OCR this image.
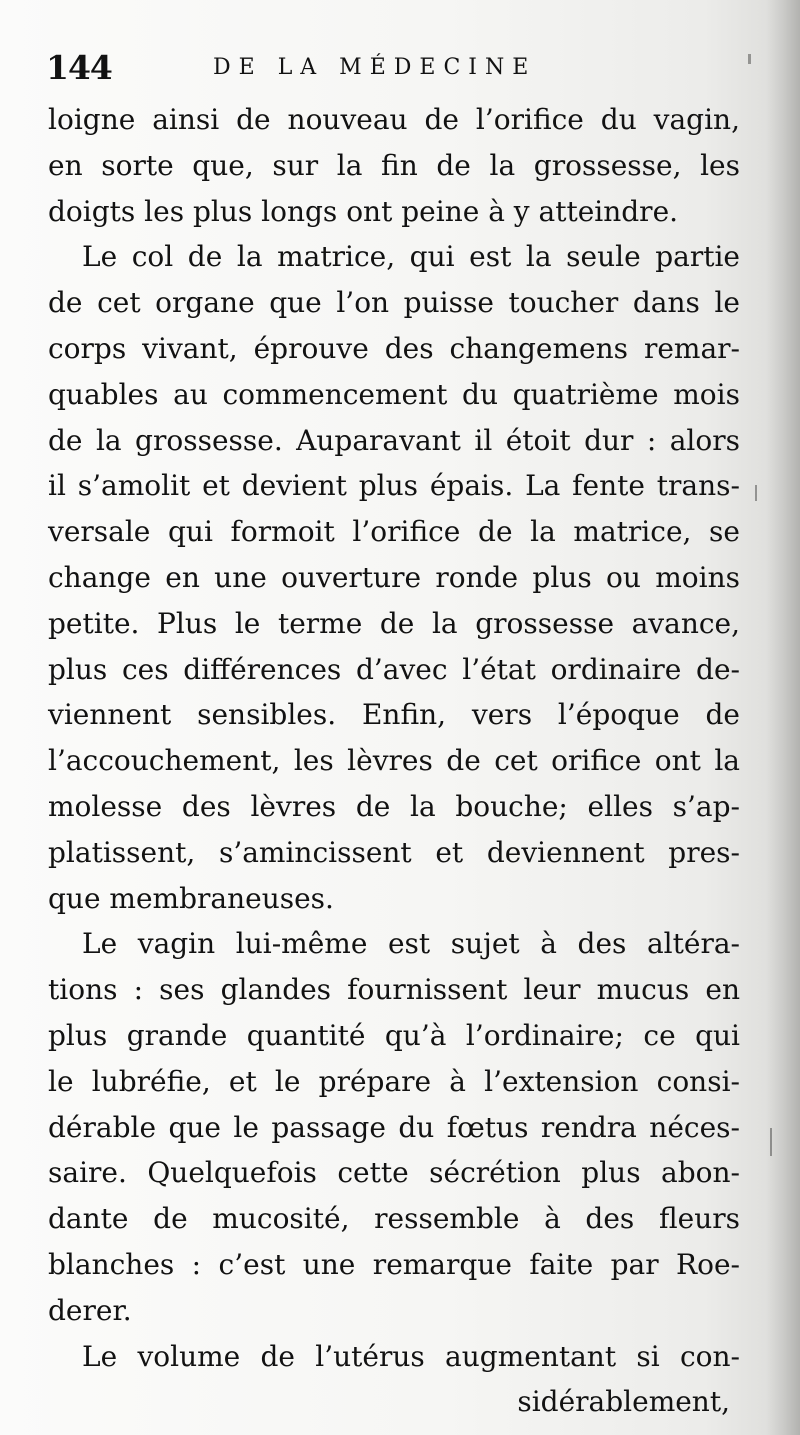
144	DE LA MÉDECINE
loigne ainsi de nouveau de l’orifice du vagin,
en sorte que, sur la fin de la grossesse, les
doigts les plus longs ont peine à y atteindre.
Le col de la matrice, qui est la seule partie
de cet organe que l’on puisse toucher dans le
corps vivant, éprouve des changemens remar-
quables au commencement du quatrième mois
de la grossesse. Auparavant il étoit dur : alors
il s’amolit et devient plus épais. La fente trans-
versale qui formoit l’orifice de la matrice, se
change en une ouverture ronde plus ou moins
petite. Plus le terme de la grossesse avance,
plus ces différences d’avec l’état ordinaire de-
viennent sensibles. Enfin, vers l’époque de
l’accouchement, les lèvres de cet orifice ont la
molesse des lèvres de la bouche; elles s’ap-
platissent, s’amincissent et deviennent pres-
que membraneuses.
Le vagin lui-même est sujet à des altéra-
tions : ses glandes fournissent leur mucus en
plus grande quantité qu’à l’ordinaire; ce qui
le lubréfie, et le prépare à l’extension consi-
dérable que le passage du fœtus rendra néces-
saire. Quelquefois cette sécrétion plus abon-
dante de mucosité, ressemble à des fleurs
blanches : c’est une remarque faite par Roe-
derer.
Le volume de l’utérus augmentant si con-
sidérablement,
